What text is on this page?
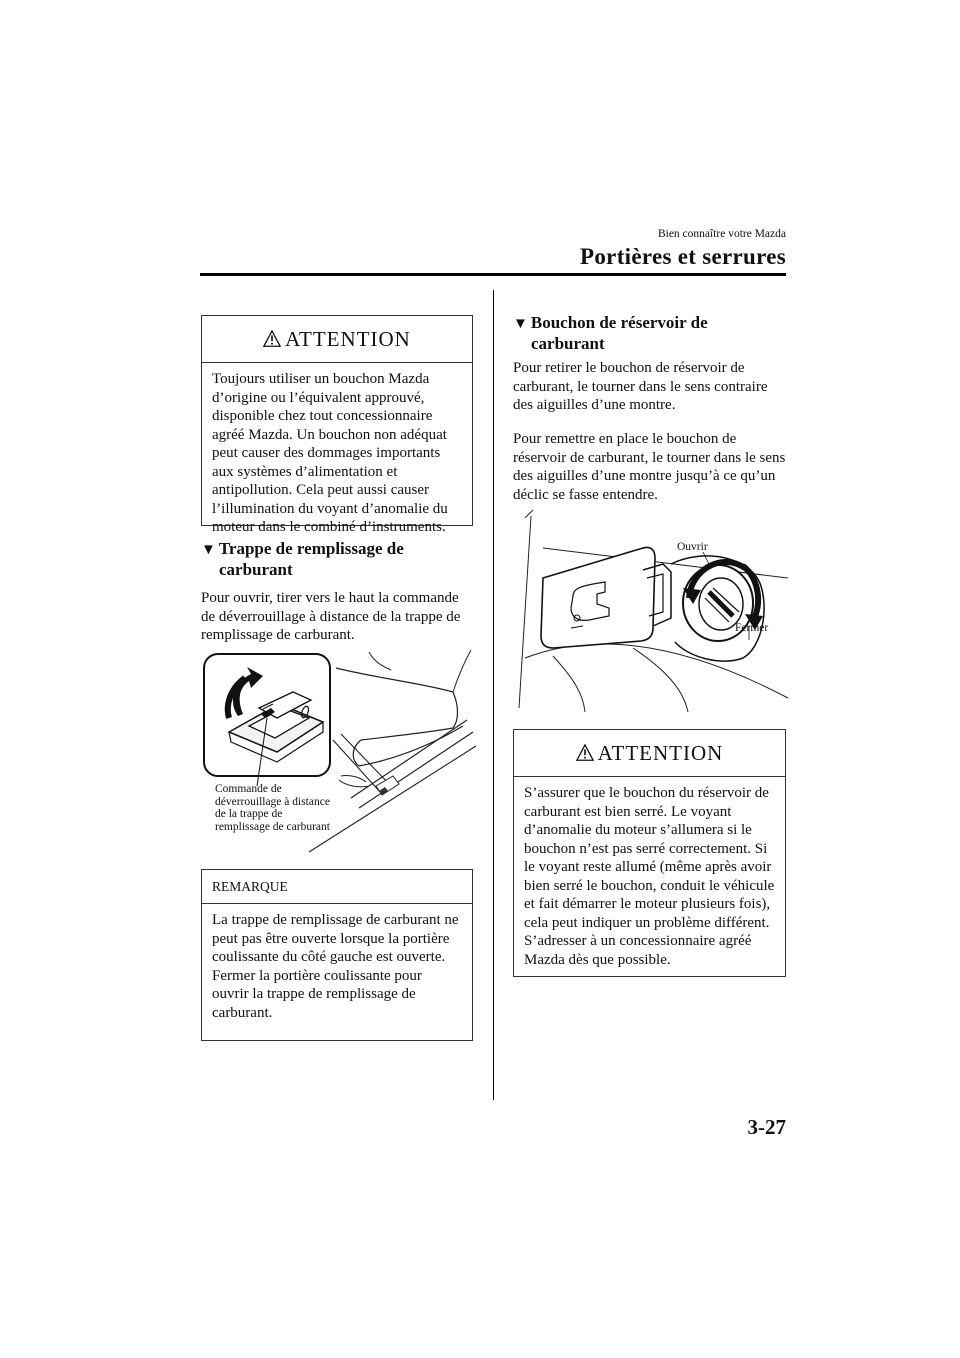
Bien connaître votre Mazda
Portières et serrures
ATTENTION
Toujours utiliser un bouchon Mazda d’origine ou l’équivalent approuvé, disponible chez tout concessionnaire agréé Mazda. Un bouchon non adéquat peut causer des dommages importants aux systèmes d’alimentation et antipollution. Cela peut aussi causer l’illumination du voyant d’anomalie du moteur dans le combiné d’instruments.
▼ Trappe de remplissage de
carburant
Pour ouvrir, tirer vers le haut la commande de déverrouillage à distance de la trappe de remplissage de carburant.
Commande de déverrouillage à distance de la trappe de remplissage de carburant
REMARQUE
La trappe de remplissage de carburant ne peut pas être ouverte lorsque la portière coulissante du côté gauche est ouverte.
Fermer la portière coulissante pour ouvrir la trappe de remplissage de carburant.
▼ Bouchon de réservoir de
carburant
Pour retirer le bouchon de réservoir de carburant, le tourner dans le sens contraire des aiguilles d’une montre.
Pour remettre en place le bouchon de réservoir de carburant, le tourner dans le sens des aiguilles d’une montre jusqu’à ce qu’un déclic se fasse entendre.
Ouvrir
Fermer
ATTENTION
S’assurer que le bouchon du réservoir de carburant est bien serré. Le voyant d’anomalie du moteur s’allumera si le bouchon n’est pas serré correctement. Si le voyant reste allumé (même après avoir bien serré le bouchon, conduit le véhicule et fait démarrer le moteur plusieurs fois), cela peut indiquer un problème différent. S’adresser à un concessionnaire agréé Mazda dès que possible.
3-27
